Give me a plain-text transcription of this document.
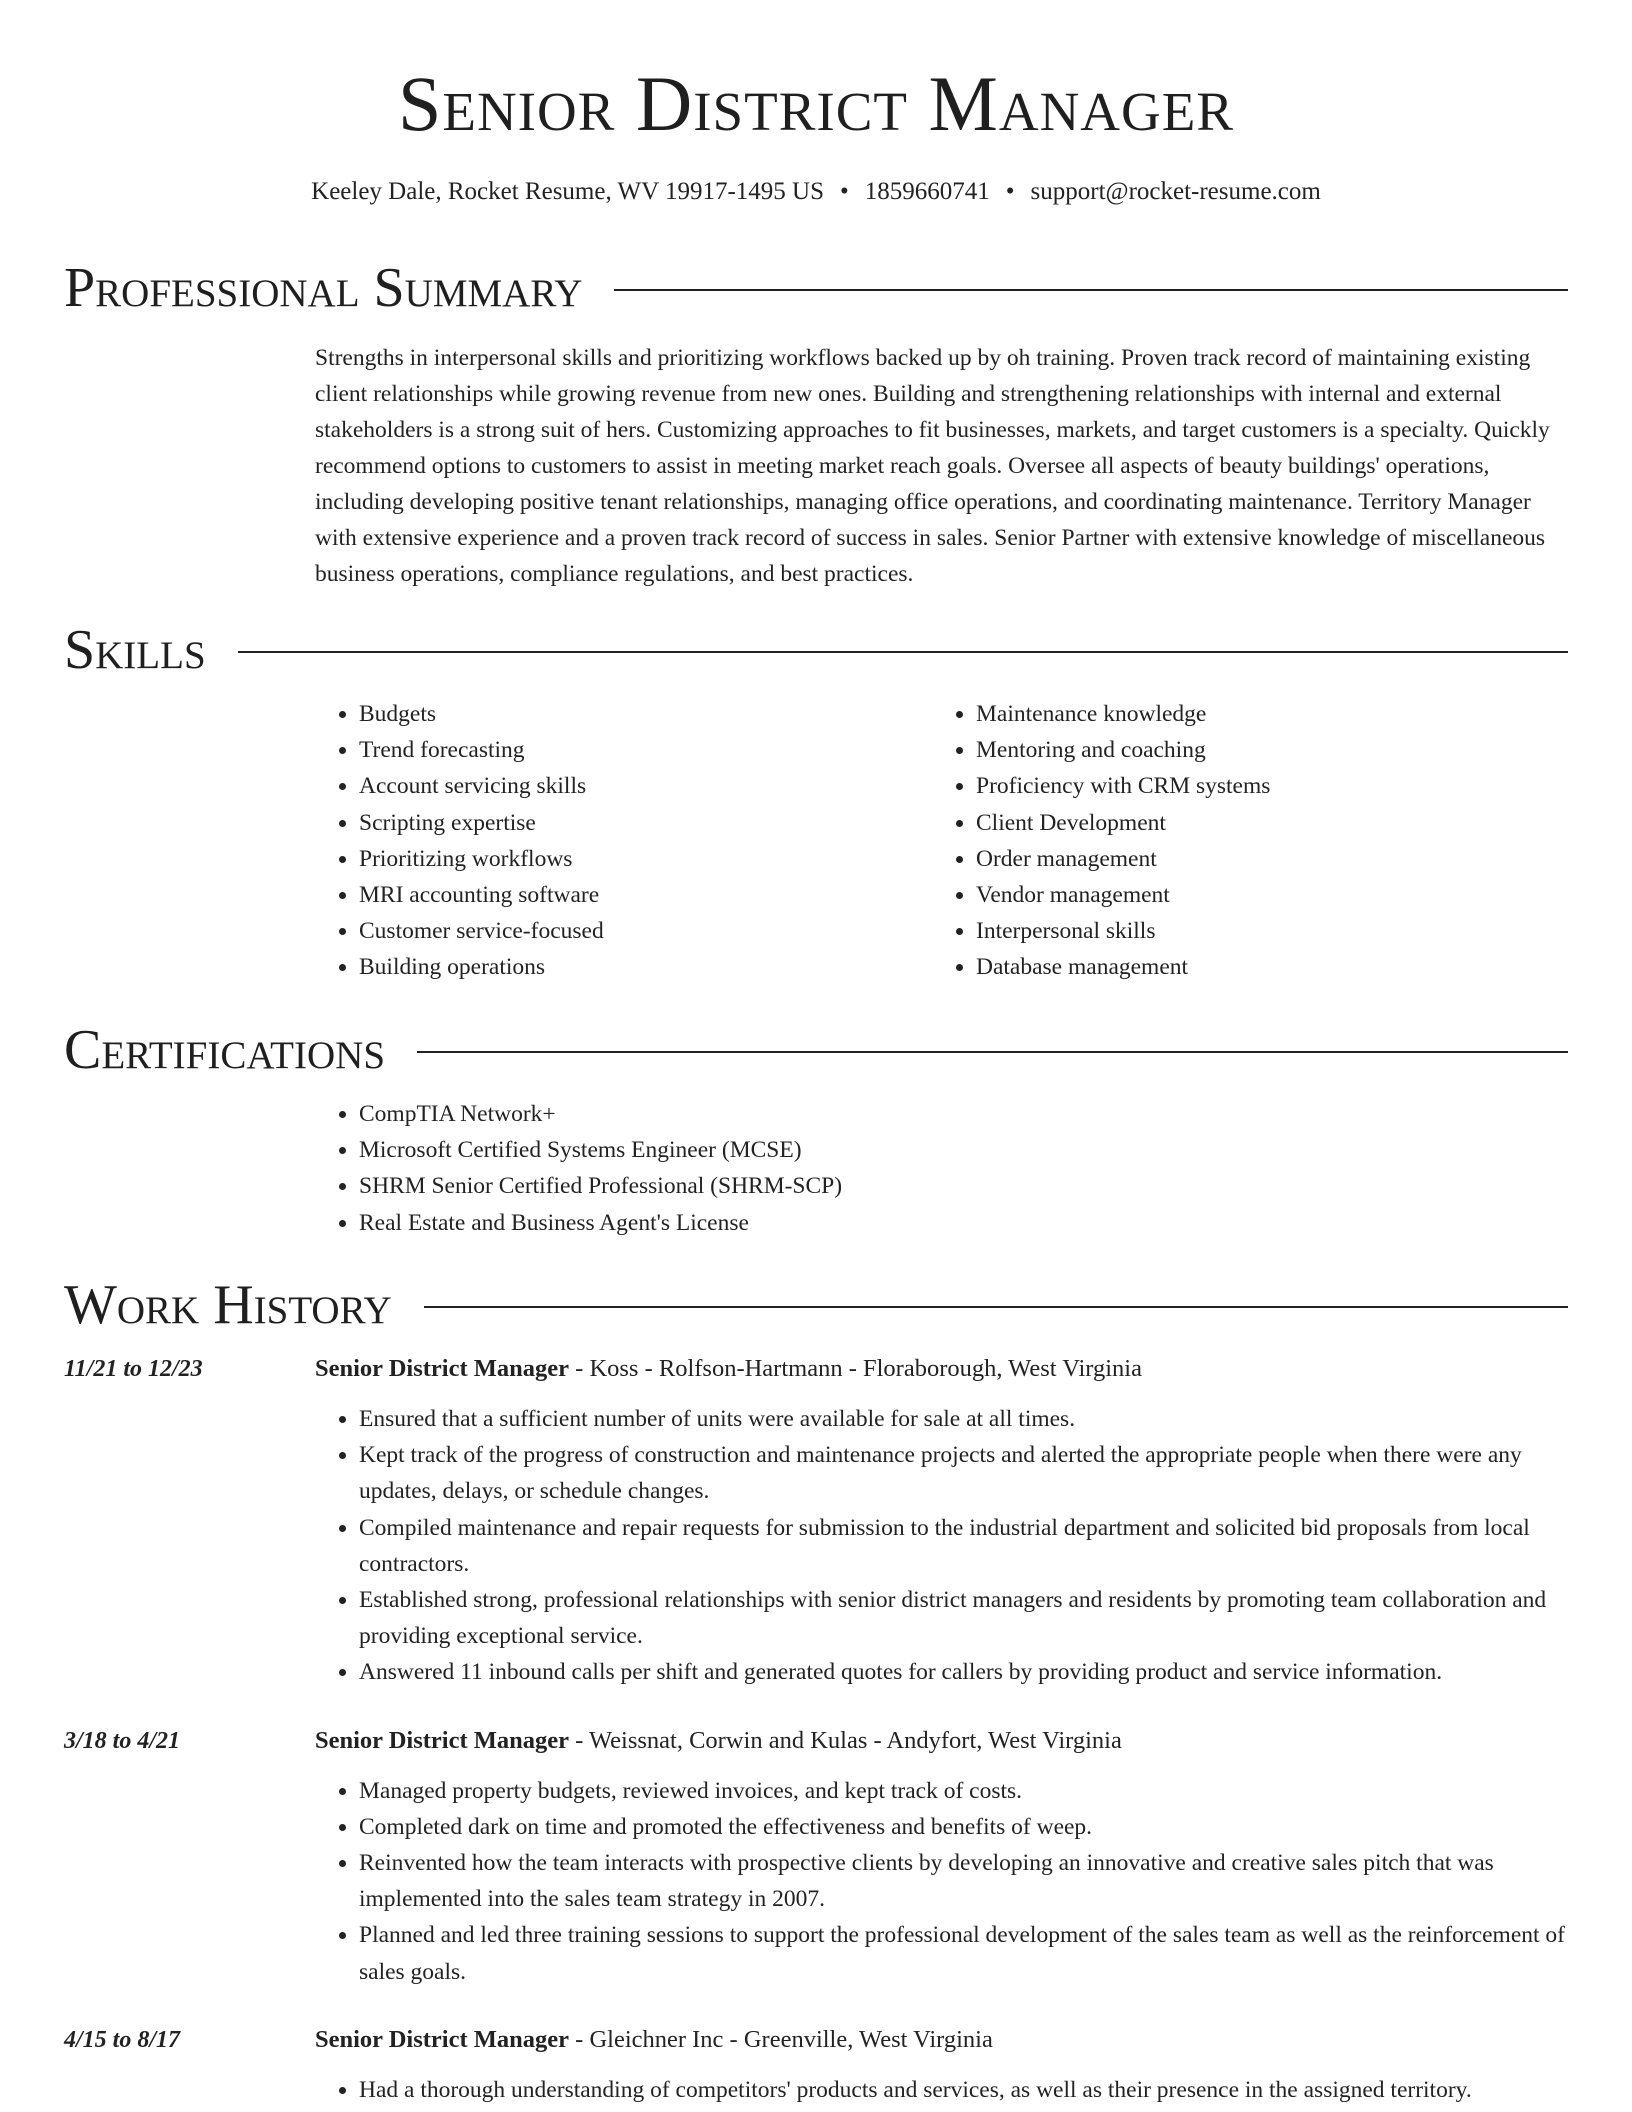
Senior District Manager
Keeley Dale, Rocket Resume, WV 19917-1495 US • 1859660741 • support@rocket-resume.com
Professional Summary
Strengths in interpersonal skills and prioritizing workflows backed up by oh training. Proven track record of maintaining existing client relationships while growing revenue from new ones. Building and strengthening relationships with internal and external stakeholders is a strong suit of hers. Customizing approaches to fit businesses, markets, and target customers is a specialty. Quickly recommend options to customers to assist in meeting market reach goals. Oversee all aspects of beauty buildings' operations, including developing positive tenant relationships, managing office operations, and coordinating maintenance. Territory Manager with extensive experience and a proven track record of success in sales. Senior Partner with extensive knowledge of miscellaneous business operations, compliance regulations, and best practices.
Skills
• Budgets
• Trend forecasting
• Account servicing skills
• Scripting expertise
• Prioritizing workflows
• MRI accounting software
• Customer service-focused
• Building operations
• Maintenance knowledge
• Mentoring and coaching
• Proficiency with CRM systems
• Client Development
• Order management
• Vendor management
• Interpersonal skills
• Database management
Certifications
• CompTIA Network+
• Microsoft Certified Systems Engineer (MCSE)
• SHRM Senior Certified Professional (SHRM-SCP)
• Real Estate and Business Agent's License
Work History
11/21 to 12/23	Senior District Manager - Koss - Rolfson-Hartmann - Floraborough, West Virginia
• Ensured that a sufficient number of units were available for sale at all times.
• Kept track of the progress of construction and maintenance projects and alerted the appropriate people when there were any updates, delays, or schedule changes.
• Compiled maintenance and repair requests for submission to the industrial department and solicited bid proposals from local contractors.
• Established strong, professional relationships with senior district managers and residents by promoting team collaboration and providing exceptional service.
• Answered 11 inbound calls per shift and generated quotes for callers by providing product and service information.
3/18 to 4/21	Senior District Manager - Weissnat, Corwin and Kulas - Andyfort, West Virginia
• Managed property budgets, reviewed invoices, and kept track of costs.
• Completed dark on time and promoted the effectiveness and benefits of weep.
• Reinvented how the team interacts with prospective clients by developing an innovative and creative sales pitch that was implemented into the sales team strategy in 2007.
• Planned and led three training sessions to support the professional development of the sales team as well as the reinforcement of sales goals.
4/15 to 8/17	Senior District Manager - Gleichner Inc - Greenville, West Virginia
• Had a thorough understanding of competitors' products and services, as well as their presence in the assigned territory.
